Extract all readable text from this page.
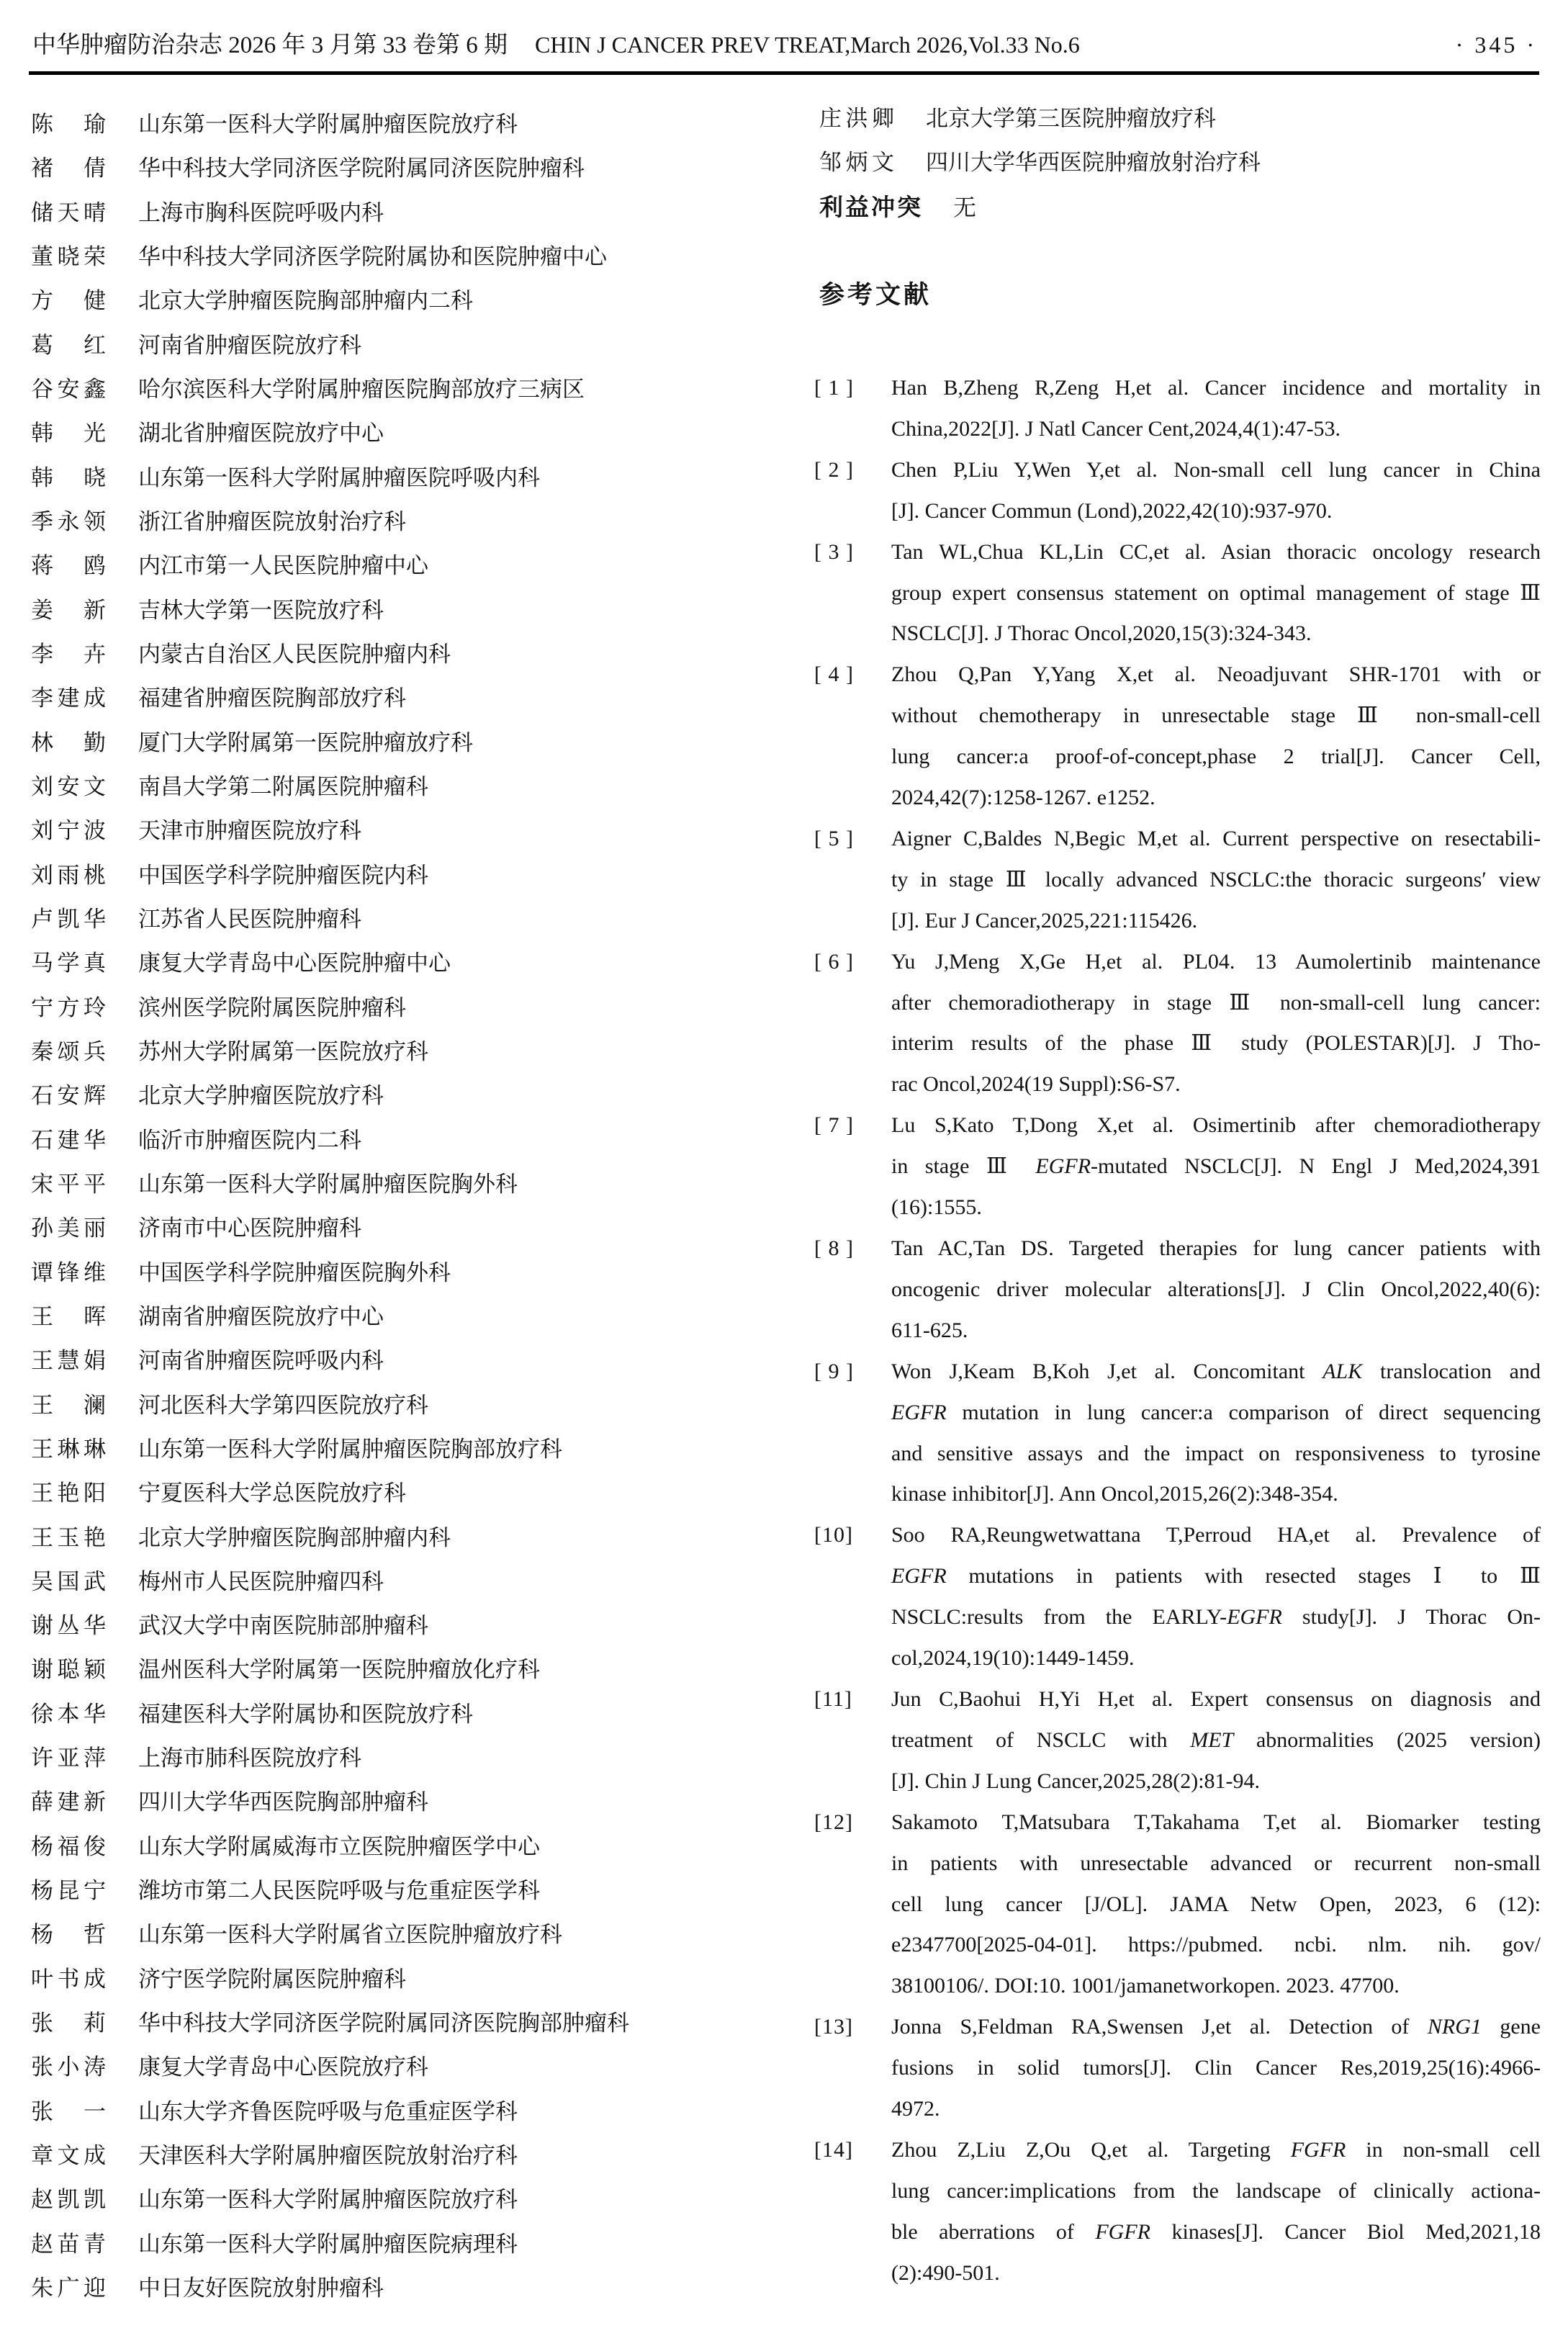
中华肿瘤防治杂志 2026 年 3 月第 33 卷第 6 期 CHIN J CANCER PREV TREAT,March 2026,Vol.33 No.6	· 345 ·
陈 瑜 山东第一医科大学附属肿瘤医院放疗科
褚 倩 华中科技大学同济医学院附属同济医院肿瘤科
储天晴 上海市胸科医院呼吸内科
董晓荣 华中科技大学同济医学院附属协和医院肿瘤中心
方 健 北京大学肿瘤医院胸部肿瘤内二科
葛 红 河南省肿瘤医院放疗科
谷安鑫 哈尔滨医科大学附属肿瘤医院胸部放疗三病区
韩 光 湖北省肿瘤医院放疗中心
韩 晓 山东第一医科大学附属肿瘤医院呼吸内科
季永领 浙江省肿瘤医院放射治疗科
蒋 鸥 内江市第一人民医院肿瘤中心
姜 新 吉林大学第一医院放疗科
李 卉 内蒙古自治区人民医院肿瘤内科
李建成 福建省肿瘤医院胸部放疗科
林 勤 厦门大学附属第一医院肿瘤放疗科
刘安文 南昌大学第二附属医院肿瘤科
刘宁波 天津市肿瘤医院放疗科
刘雨桃 中国医学科学院肿瘤医院内科
卢凯华 江苏省人民医院肿瘤科
马学真 康复大学青岛中心医院肿瘤中心
宁方玲 滨州医学院附属医院肿瘤科
秦颂兵 苏州大学附属第一医院放疗科
石安辉 北京大学肿瘤医院放疗科
石建华 临沂市肿瘤医院内二科
宋平平 山东第一医科大学附属肿瘤医院胸外科
孙美丽 济南市中心医院肿瘤科
谭锋维 中国医学科学院肿瘤医院胸外科
王 晖 湖南省肿瘤医院放疗中心
王慧娟 河南省肿瘤医院呼吸内科
王 澜 河北医科大学第四医院放疗科
王琳琳 山东第一医科大学附属肿瘤医院胸部放疗科
王艳阳 宁夏医科大学总医院放疗科
王玉艳 北京大学肿瘤医院胸部肿瘤内科
吴国武 梅州市人民医院肿瘤四科
谢丛华 武汉大学中南医院肺部肿瘤科
谢聪颖 温州医科大学附属第一医院肿瘤放化疗科
徐本华 福建医科大学附属协和医院放疗科
许亚萍 上海市肺科医院放疗科
薛建新 四川大学华西医院胸部肿瘤科
杨福俊 山东大学附属威海市立医院肿瘤医学中心
杨昆宁 潍坊市第二人民医院呼吸与危重症医学科
杨 哲 山东第一医科大学附属省立医院肿瘤放疗科
叶书成 济宁医学院附属医院肿瘤科
张 莉 华中科技大学同济医学院附属同济医院胸部肿瘤科
张小涛 康复大学青岛中心医院放疗科
张 一 山东大学齐鲁医院呼吸与危重症医学科
章文成 天津医科大学附属肿瘤医院放射治疗科
赵凯凯 山东第一医科大学附属肿瘤医院放疗科
赵苗青 山东第一医科大学附属肿瘤医院病理科
朱广迎 中日友好医院放射肿瘤科
庄洪卿 北京大学第三医院肿瘤放疗科
邹炳文 四川大学华西医院肿瘤放射治疗科
利益冲突 无
参考文献
[ 1 ] Han B,Zheng R,Zeng H,et al. Cancer incidence and mortality in
China,2022[J]. J Natl Cancer Cent,2024,4(1):47-53.
[ 2 ] Chen P,Liu Y,Wen Y,et al. Non-small cell lung cancer in China
[J]. Cancer Commun (Lond),2022,42(10):937-970.
[ 3 ] Tan WL,Chua KL,Lin CC,et al. Asian thoracic oncology research
group expert consensus statement on optimal management of stage Ⅲ
NSCLC[J]. J Thorac Oncol,2020,15(3):324-343.
[ 4 ] Zhou Q,Pan Y,Yang X,et al. Neoadjuvant SHR-1701 with or
without chemotherapy in unresectable stage Ⅲ non-small-cell
lung cancer:a proof-of-concept,phase 2 trial[J]. Cancer Cell,
2024,42(7):1258-1267. e1252.
[ 5 ] Aigner C,Baldes N,Begic M,et al. Current perspective on resectabili-
ty in stage Ⅲ locally advanced NSCLC:the thoracic surgeons′ view
[J]. Eur J Cancer,2025,221:115426.
[ 6 ] Yu J,Meng X,Ge H,et al. PL04. 13 Aumolertinib maintenance
after chemoradiotherapy in stage Ⅲ non-small-cell lung cancer:
interim results of the phase Ⅲ study (POLESTAR)[J]. J Tho-
rac Oncol,2024(19 Suppl):S6-S7.
[ 7 ] Lu S,Kato T,Dong X,et al. Osimertinib after chemoradiotherapy
in stage Ⅲ EGFR-mutated NSCLC[J]. N Engl J Med,2024,391
(16):1555.
[ 8 ] Tan AC,Tan DS. Targeted therapies for lung cancer patients with
oncogenic driver molecular alterations[J]. J Clin Oncol,2022,40(6):
611-625.
[ 9 ] Won J,Keam B,Koh J,et al. Concomitant ALK translocation and
EGFR mutation in lung cancer:a comparison of direct sequencing
and sensitive assays and the impact on responsiveness to tyrosine
kinase inhibitor[J]. Ann Oncol,2015,26(2):348-354.
[10] Soo RA,Reungwetwattana T,Perroud HA,et al. Prevalence of
EGFR mutations in patients with resected stages Ⅰ to Ⅲ
NSCLC:results from the EARLY-EGFR study[J]. J Thorac On-
col,2024,19(10):1449-1459.
[11] Jun C,Baohui H,Yi H,et al. Expert consensus on diagnosis and
treatment of NSCLC with MET abnormalities (2025 version)
[J]. Chin J Lung Cancer,2025,28(2):81-94.
[12] Sakamoto T,Matsubara T,Takahama T,et al. Biomarker testing
in patients with unresectable advanced or recurrent non-small
cell lung cancer [J/OL]. JAMA Netw Open, 2023, 6 (12):
e2347700[2025-04-01]. https://pubmed. ncbi. nlm. nih. gov/
38100106/. DOI:10. 1001/jamanetworkopen. 2023. 47700.
[13] Jonna S,Feldman RA,Swensen J,et al. Detection of NRG1 gene
fusions in solid tumors[J]. Clin Cancer Res,2019,25(16):4966-
4972.
[14] Zhou Z,Liu Z,Ou Q,et al. Targeting FGFR in non-small cell
lung cancer:implications from the landscape of clinically actiona-
ble aberrations of FGFR kinases[J]. Cancer Biol Med,2021,18
(2):490-501.
